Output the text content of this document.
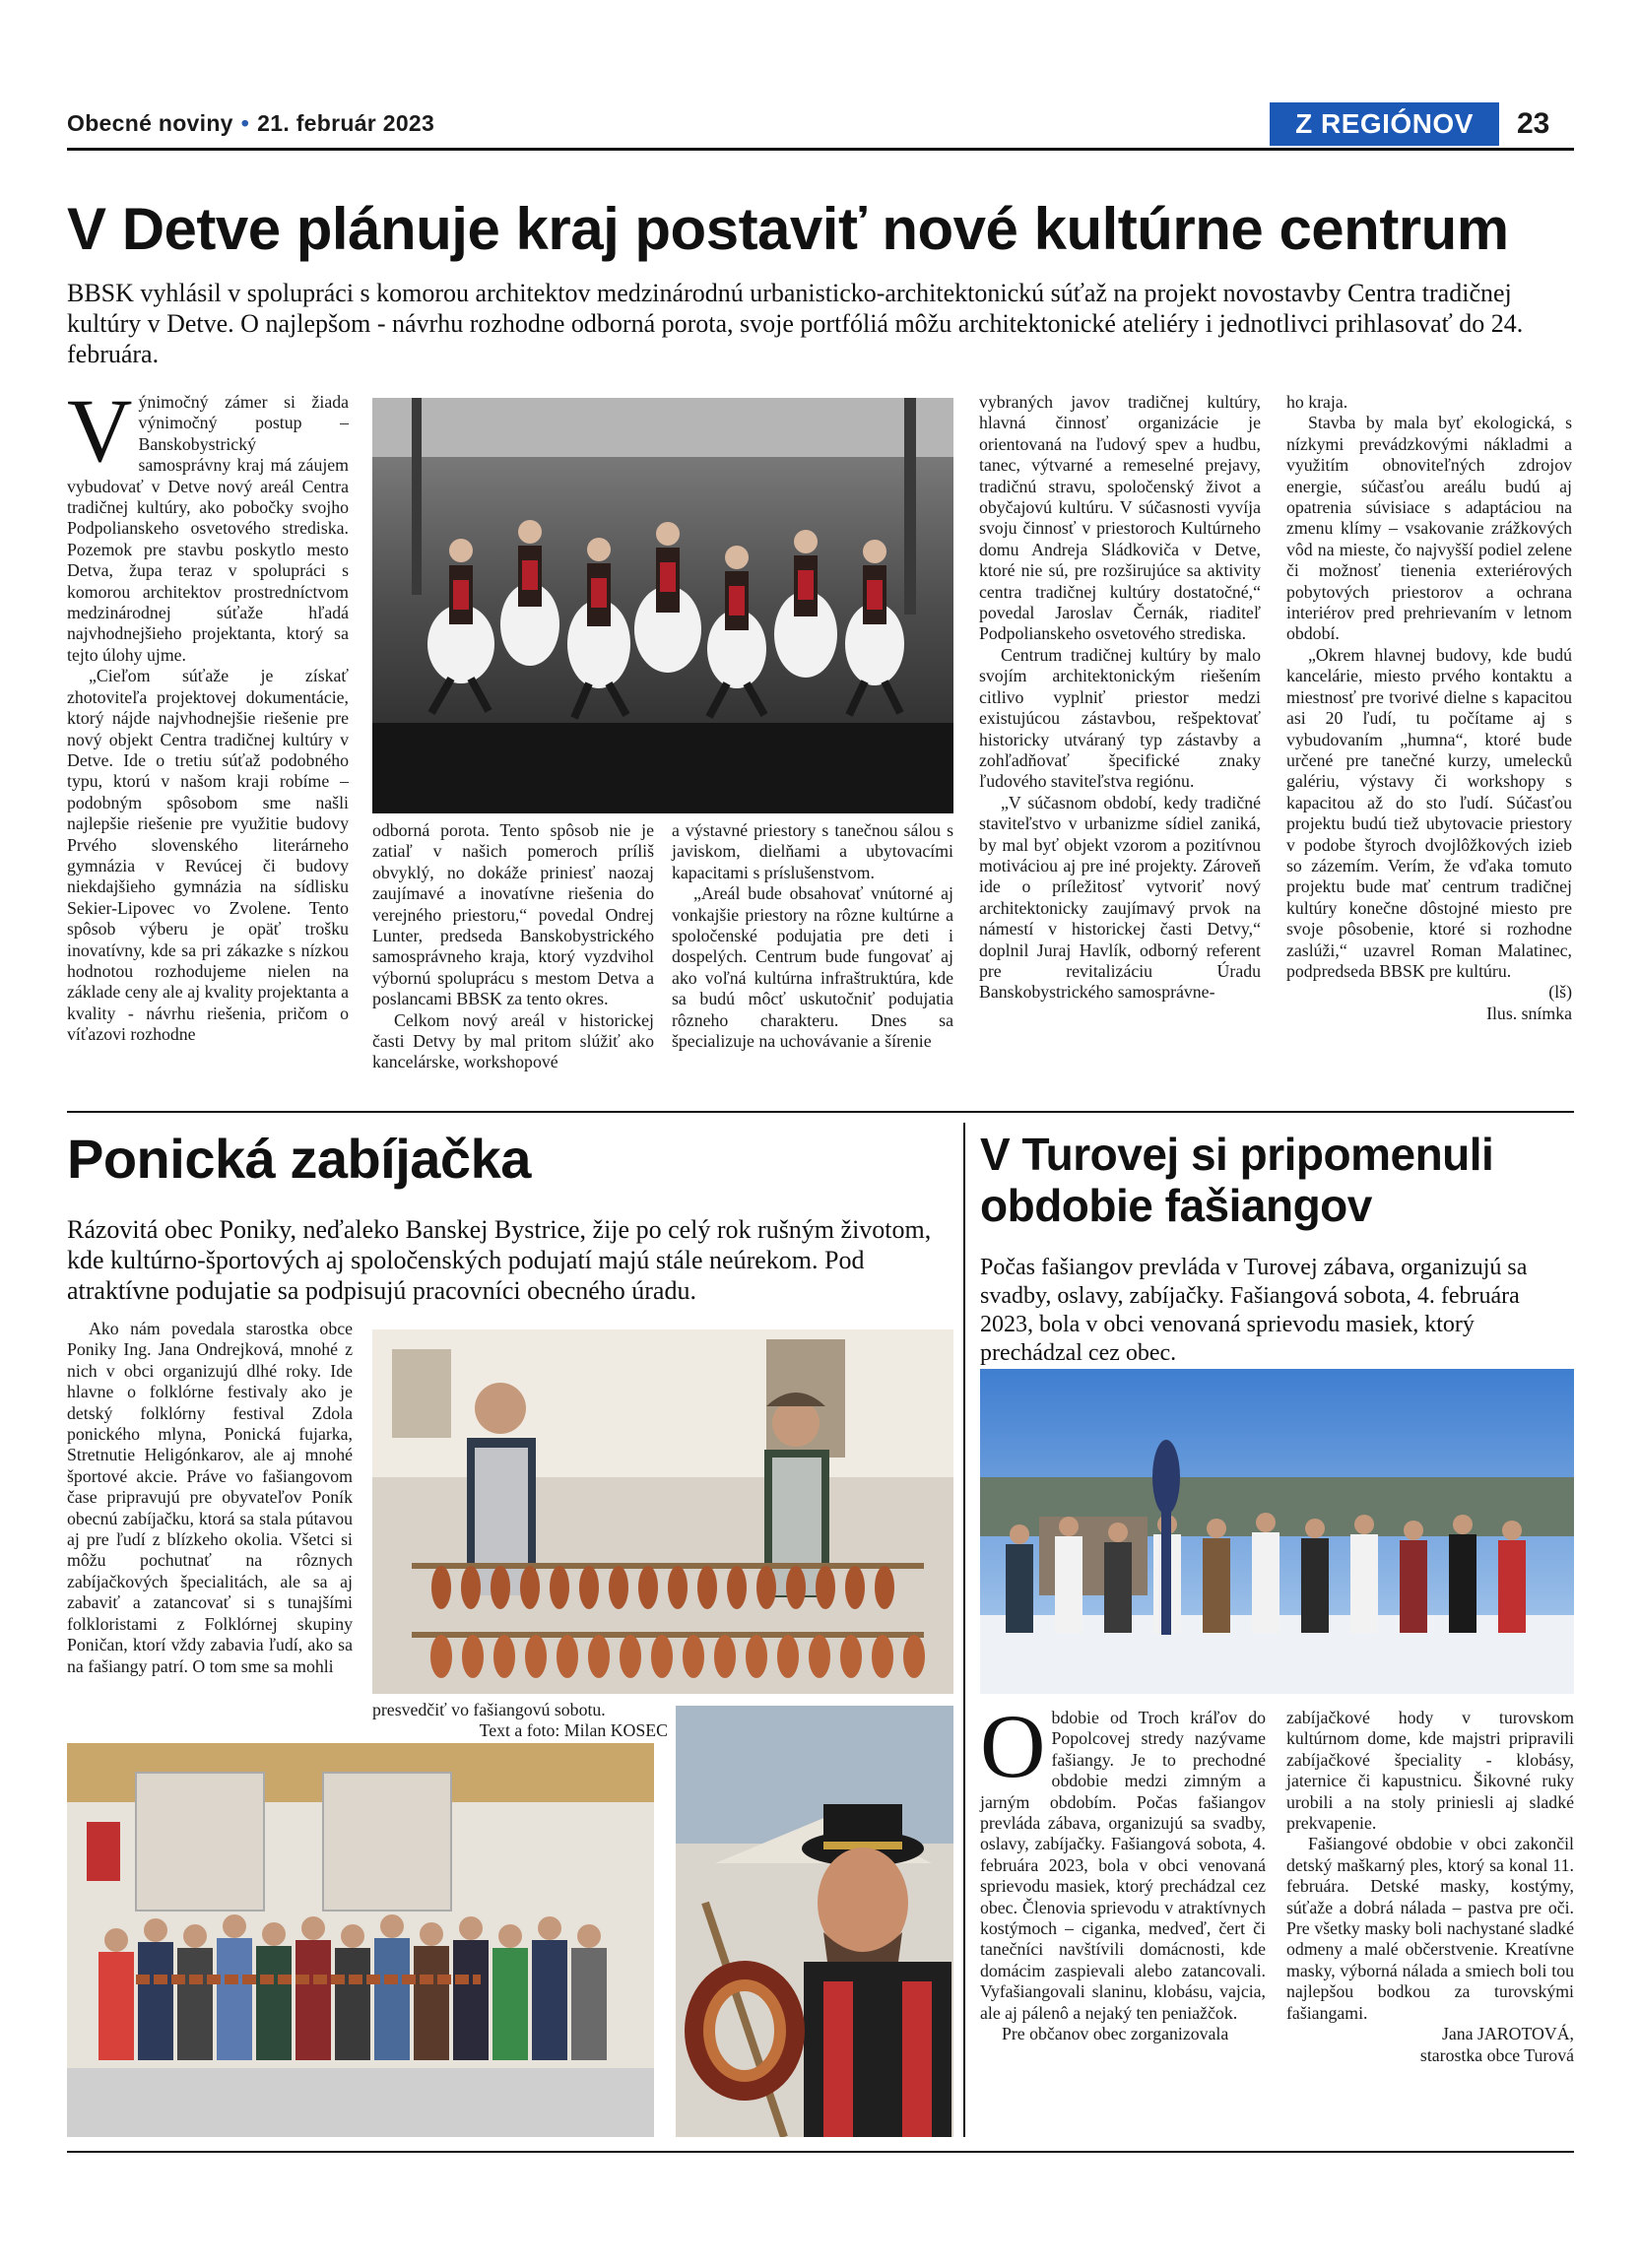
Obecné noviny • 21. február 2023	Z REGIÓNOV	23
V Detve plánuje kraj postaviť nové kultúrne centrum
BBSK vyhlásil v spolupráci s komorou architektov medzinárodnú urbanisticko-architektonickú súťaž na projekt novostavby Centra tradičnej kultúry v Detve. O najlepšom - návrhu rozhodne odborná porota, svoje portfóliá môžu architektonické ateliéry i jednotlivci prihlasovať do 24. februára.

Výnimočný zámer si žiada výnimočný postup – Banskobystrický samosprávny kraj má záujem vybudovať v Detve nový areál Centra tradičnej kultúry, ako pobočky svojho Podpolianskeho osvetového strediska. Pozemok pre stavbu poskytlo mesto Detva, župa teraz v spolupráci s komorou architektov prostredníctvom medzinárodnej súťaže hľadá najvhodnejšieho projektanta, ktorý sa tejto úlohy ujme.

„Cieľom súťaže je získať zhotoviteľa projektovej dokumentácie, ktorý nájde najvhodnejšie riešenie pre nový objekt Centra tradičnej kultúry v Detve. Ide o tretiu súťaž podobného typu, ktorú v našom kraji robíme – podobným spôsobom sme našli najlepšie riešenie pre využitie budovy Prvého slovenského literárneho gymnázia v Revúcej či budovy niekdajšieho gymnázia na sídlisku Sekier-Lipovec vo Zvolene. Tento spôsob výberu je opäť trošku inovatívny, kde sa pri zákazke s nízkou hodnotou rozhodujeme nielen na základe ceny ale aj kvality projektanta a kvality - návrhu riešenia, pričom o víťazovi rozhodne

odborná porota. Tento spôsob nie je zatiaľ v našich pomeroch príliš obvyklý, no dokáže priniesť naozaj zaujímavé a inovatívne riešenia do verejného priestoru,“ povedal Ondrej Lunter, predseda Banskobystrického samosprávneho kraja, ktorý vyzdvihol výbornú spoluprácu s mestom Detva a poslancami BBSK za tento okres.

Celkom nový areál v historickej časti Detvy by mal pritom slúžiť ako kancelárske, workshopové

a výstavné priestory s tanečnou sálou s javiskom, dielňami a ubytovacími kapacitami s príslušenstvom.

„Areál bude obsahovať vnútorné aj vonkajšie priestory na rôzne kultúrne a spoločenské podujatia pre deti i dospelých. Centrum bude fungovať aj ako voľná kultúrna infraštruktúra, kde sa budú môcť uskutočniť podujatia rôzneho charakteru. Dnes sa špecializuje na uchovávanie a šírenie

vybraných javov tradičnej kultúry, hlavná činnosť organizácie je orientovaná na ľudový spev a hudbu, tanec, výtvarné a remeselné prejavy, tradičnú stravu, spoločenský život a obyčajovú kultúru. V súčasnosti vyvíja svoju činnosť v priestoroch Kultúrneho domu Andreja Sládkoviča v Detve, ktoré nie sú, pre rozširujúce sa aktivity centra tradičnej kultúry dostatočné,“ povedal Jaroslav Černák, riaditeľ Podpolianskeho osvetového strediska.

Centrum tradičnej kultúry by malo svojím architektonickým riešením citlivo vyplniť priestor medzi existujúcou zástavbou, rešpektovať historicky utváraný typ zástavby a zohľadňovať špecifické znaky ľudového staviteľstva regiónu.

„V súčasnom období, kedy tradičné staviteľstvo v urbanizme sídiel zaniká, by mal byť objekt vzorom a pozitívnou motiváciou aj pre iné projekty. Zároveň ide o príležitosť vytvoriť nový architektonicky zaujímavý prvok na námestí v historickej časti Detvy,“ doplnil Juraj Havlík, odborný referent pre revitalizáciu Úradu Banskobystrického samosprávne-

ho kraja.

Stavba by mala byť ekologická, s nízkymi prevádzkovými nákladmi a využitím obnoviteľných zdrojov energie, súčasťou areálu budú aj opatrenia súvisiace s adaptáciou na zmenu klímy – vsakovanie zrážkových vôd na mieste, čo najvyšší podiel zelene či možnosť tienenia exteriérových pobytových priestorov a ochrana interiérov pred prehrievaním v letnom období.

„Okrem hlavnej budovy, kde budú kancelárie, miesto prvého kontaktu a miestnosť pre tvorivé dielne s kapacitou asi 20 ľudí, tu počítame aj s vybudovaním „humna“, ktoré bude určené pre tanečné kurzy, umelecků galériu, výstavy či workshopy s kapacitou až do sto ľudí. Súčasťou projektu budú tiež ubytovacie priestory v podobe štyroch dvojlôžkových izieb so zázemím. Verím, že vďaka tomuto projektu bude mať centrum tradičnej kultúry konečne dôstojné miesto pre svoje pôsobenie, ktoré si rozhodne zaslúži,“ uzavrel Roman Malatinec, podpredseda BBSK pre kultúru.

(lš)

Ilus. snímka

Ponická zabíjačka
Rázovitá obec Poniky, neďaleko Banskej Bystrice, žije po celý rok rušným životom, kde kultúrno-športových aj spoločenských podujatí majú stále neúrekom. Pod atraktívne podujatie sa podpisujú pracovníci obecného úradu.

Ako nám povedala starostka obce Poniky Ing. Jana Ondrejková, mnohé z nich v obci organizujú dlhé roky. Ide hlavne o folklórne festivaly ako je detský folklórny festival Zdola ponického mlyna, Ponická fujarka, Stretnutie Heligónkarov, ale aj mnohé športové akcie. Práve vo fašiangovom čase pripravujú pre obyvateľov Poník obecnú zabíjačku, ktorá sa stala pútavou aj pre ľudí z blízkeho okolia. Všetci si môžu pochutnať na rôznych zabíjačkových špecialitách, ale sa aj zabaviť a zatancovať si s tunajšími folkloristami z Folklórnej skupiny Poničan, ktorí vždy zabavia ľudí, ako sa na fašiangy patrí. O tom sme sa mohli

presvedčiť vo fašiangovú sobotu.
Text a foto: Milan KOSEC
V Turovej si pripomenuli obdobie fašiangov
Počas fašiangov prevláda v Turovej zábava, organizujú sa svadby, oslavy, zabíjačky. Fašiangová sobota, 4. februára 2023, bola v obci venovaná sprievodu masiek, ktorý prechádzal cez obec.

Obdobie od Troch kráľov do Popolcovej stredy nazývame fašiangy. Je to prechodné obdobie medzi zimným a jarným obdobím. Počas fašiangov prevláda zábava, organizujú sa svadby, oslavy, zabíjačky. Fašiangová sobota, 4. februára 2023, bola v obci venovaná sprievodu masiek, ktorý prechádzal cez obec. Členovia sprievodu v atraktívnych kostýmoch – ciganka, medveď, čert či tanečníci navštívili domácnosti, kde domácim zaspievali alebo zatancovali. Vyfašiangovali slaninu, klobásu, vajcia, ale aj pálenô a nejaký ten peniažčok.

Pre občanov obec zorganizovala

zabíjačkové hody v turovskom kultúrnom dome, kde majstri pripravili zabíjačkové špeciality - klobásy, jaternice či kapustnicu. Šikovné ruky urobili a na stoly priniesli aj sladké prekvapenie.

Fašiangové obdobie v obci zakončil detský maškarný ples, ktorý sa konal 11. februára. Detské masky, kostýmy, súťaže a dobrá nálada – pastva pre oči. Pre všetky masky boli nachystané sladké odmeny a malé občerstvenie. Kreatívne masky, výborná nálada a smiech boli tou najlepšou bodkou za turovskými fašiangami.

Jana JAROTOVÁ,

starostka obce Turová
